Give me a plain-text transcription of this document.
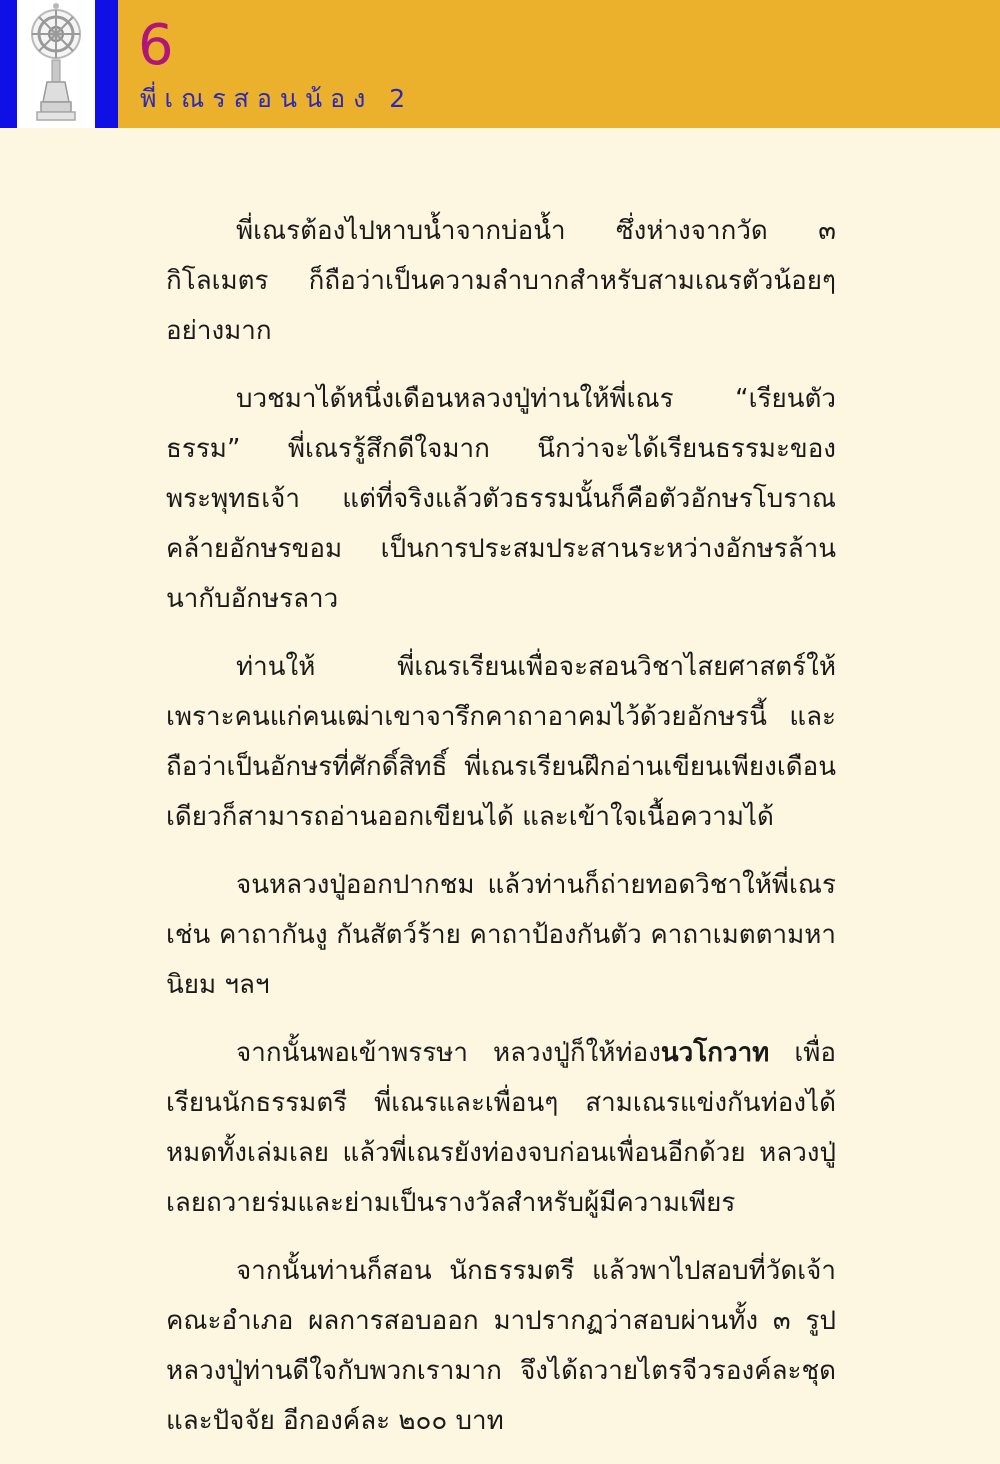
6
พี่เณรสอนน้อง 2

พี่เณรต้องไปหาบน้ำจากบ่อน้ำ ซึ่งห่างจากวัด ๓ กิโลเมตร ก็ถือว่าเป็นความลำบากสำหรับสามเณรตัวน้อยๆ อย่างมาก

บวชมาได้หนึ่งเดือนหลวงปู่ท่านให้พี่เณร “เรียนตัวธรรม” พี่เณรรู้สึกดีใจมาก นึกว่าจะได้เรียนธรรมะของพระพุทธเจ้า แต่ที่จริงแล้วตัวธรรมนั้นก็คือตัวอักษรโบราณคล้ายอักษรขอม เป็นการประสมประสานระหว่างอักษรล้านนากับอักษรลาว

ท่านให้ พี่เณรเรียนเพื่อจะสอนวิชาไสยศาสตร์ให้ เพราะคนแก่คนเฒ่าเขาจารึกคาถาอาคมไว้ด้วยอักษรนี้ และถือว่าเป็นอักษรที่ศักดิ์สิทธิ์ พี่เณรเรียนฝึกอ่านเขียนเพียงเดือนเดียวก็สามารถอ่านออกเขียนได้ และเข้าใจเนื้อความได้

จนหลวงปู่ออกปากชม แล้วท่านก็ถ่ายทอดวิชาให้พี่เณร เช่น คาถากันงู กันสัตว์ร้าย คาถาป้องกันตัว คาถาเมตตามหานิยม ฯลฯ

จากนั้นพอเข้าพรรษา หลวงปู่ก็ให้ท่องนวโกวาท เพื่อเรียนนักธรรมตรี พี่เณรและเพื่อนๆ สามเณรแข่งกันท่องได้หมดทั้งเล่มเลย แล้วพี่เณรยังท่องจบก่อนเพื่อนอีกด้วย หลวงปู่เลยถวายร่มและย่ามเป็นรางวัลสำหรับผู้มีความเพียร

จากนั้นท่านก็สอน นักธรรมตรี แล้วพาไปสอบที่วัดเจ้าคณะอำเภอ ผลการสอบออก มาปรากฏว่าสอบผ่านทั้ง ๓ รูป หลวงปู่ท่านดีใจกับพวกเรามาก จึงได้ถวายไตรจีวรองค์ละชุดและปัจจัย อีกองค์ละ ๒๐๐ บาท
